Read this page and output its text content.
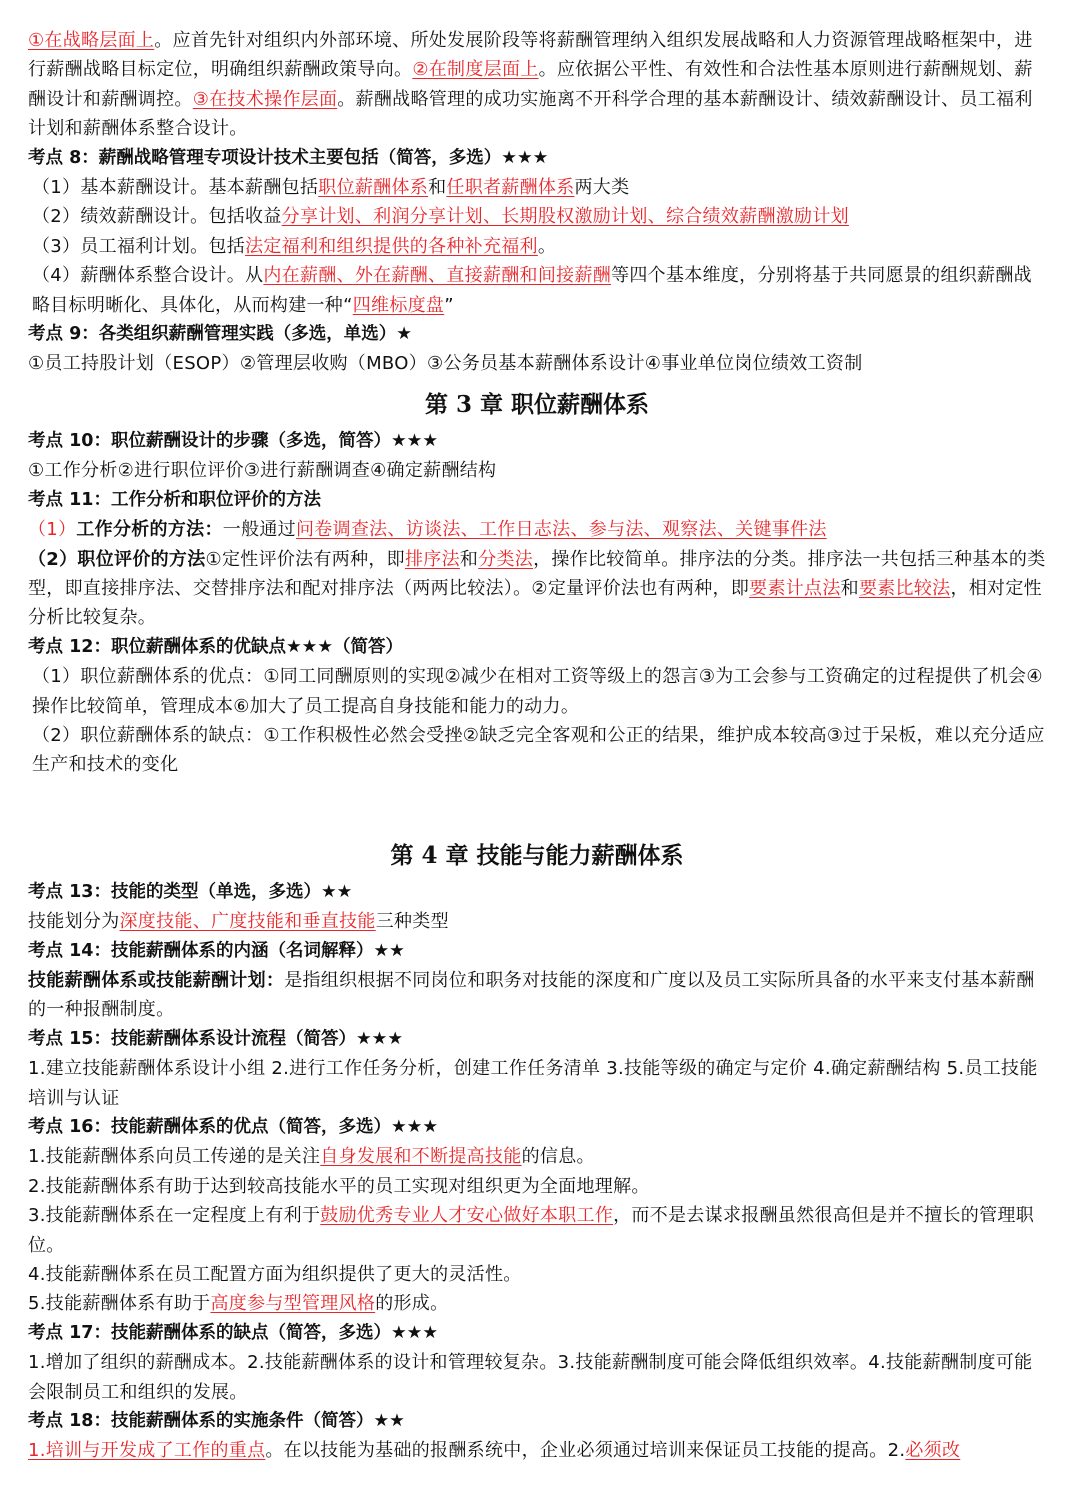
①在战略层面上。应首先针对组织内外部环境、所处发展阶段等将薪酬管理纳入组织发展战略和人力资源管理战略框架中，进行薪酬战略目标定位，明确组织薪酬政策导向。②在制度层面上。应依据公平性、有效性和合法性基本原则进行薪酬规划、薪酬设计和薪酬调控。③在技术操作层面。薪酬战略管理的成功实施离不开科学合理的基本薪酬设计、绩效薪酬设计、员工福利计划和薪酬体系整合设计。

考点 8：薪酬战略管理专项设计技术主要包括（简答，多选）★★★

（1）基本薪酬设计。基本薪酬包括职位薪酬体系和任职者薪酬体系两大类

（2）绩效薪酬设计。包括收益分享计划、利润分享计划、长期股权激励计划、综合绩效薪酬激励计划

（3）员工福利计划。包括法定福利和组织提供的各种补充福利。

（4）薪酬体系整合设计。从内在薪酬、外在薪酬、直接薪酬和间接薪酬等四个基本维度，分别将基于共同愿景的组织薪酬战略目标明晰化、具体化，从而构建一种“四维标度盘”

考点 9：各类组织薪酬管理实践（多选，单选）★

①员工持股计划（ESOP）②管理层收购（MBO）③公务员基本薪酬体系设计④事业单位岗位绩效工资制

第 3 章 职位薪酬体系

考点 10：职位薪酬设计的步骤（多选，简答）★★★

①工作分析②进行职位评价③进行薪酬调查④确定薪酬结构

考点 11：工作分析和职位评价的方法

（1）工作分析的方法：一般通过问卷调查法、访谈法、工作日志法、参与法、观察法、关键事件法

（2）职位评价的方法①定性评价法有两种，即排序法和分类法，操作比较简单。排序法的分类。排序法一共包括三种基本的类型，即直接排序法、交替排序法和配对排序法（两两比较法）。②定量评价法也有两种，即要素计点法和要素比较法，相对定性分析比较复杂。

考点 12：职位薪酬体系的优缺点★★★（简答）

（1）职位薪酬体系的优点：①同工同酬原则的实现②减少在相对工资等级上的怨言③为工会参与工资确定的过程提供了机会④操作比较简单，管理成本⑥加大了员工提高自身技能和能力的动力。

（2）职位薪酬体系的缺点：①工作积极性必然会受挫②缺乏完全客观和公正的结果，维护成本较高③过于呆板，难以充分适应生产和技术的变化

第 4 章 技能与能力薪酬体系

考点 13：技能的类型（单选，多选）★★

技能划分为深度技能、广度技能和垂直技能三种类型

考点 14：技能薪酬体系的内涵（名词解释）★★

技能薪酬体系或技能薪酬计划：是指组织根据不同岗位和职务对技能的深度和广度以及员工实际所具备的水平来支付基本薪酬的一种报酬制度。

考点 15：技能薪酬体系设计流程（简答）★★★

1.建立技能薪酬体系设计小组 2.进行工作任务分析，创建工作任务清单 3.技能等级的确定与定价 4.确定薪酬结构 5.员工技能培训与认证

考点 16：技能薪酬体系的优点（简答，多选）★★★

1.技能薪酬体系向员工传递的是关注自身发展和不断提高技能的信息。

2.技能薪酬体系有助于达到较高技能水平的员工实现对组织更为全面地理解。

3.技能薪酬体系在一定程度上有利于鼓励优秀专业人才安心做好本职工作，而不是去谋求报酬虽然很高但是并不擅长的管理职位。

4.技能薪酬体系在员工配置方面为组织提供了更大的灵活性。

5.技能薪酬体系有助于高度参与型管理风格的形成。

考点 17：技能薪酬体系的缺点（简答，多选）★★★

1.增加了组织的薪酬成本。2.技能薪酬体系的设计和管理较复杂。3.技能薪酬制度可能会降低组织效率。4.技能薪酬制度可能会限制员工和组织的发展。

考点 18：技能薪酬体系的实施条件（简答）★★

1.培训与开发成了工作的重点。在以技能为基础的报酬系统中，企业必须通过培训来保证员工技能的提高。2.必须改
